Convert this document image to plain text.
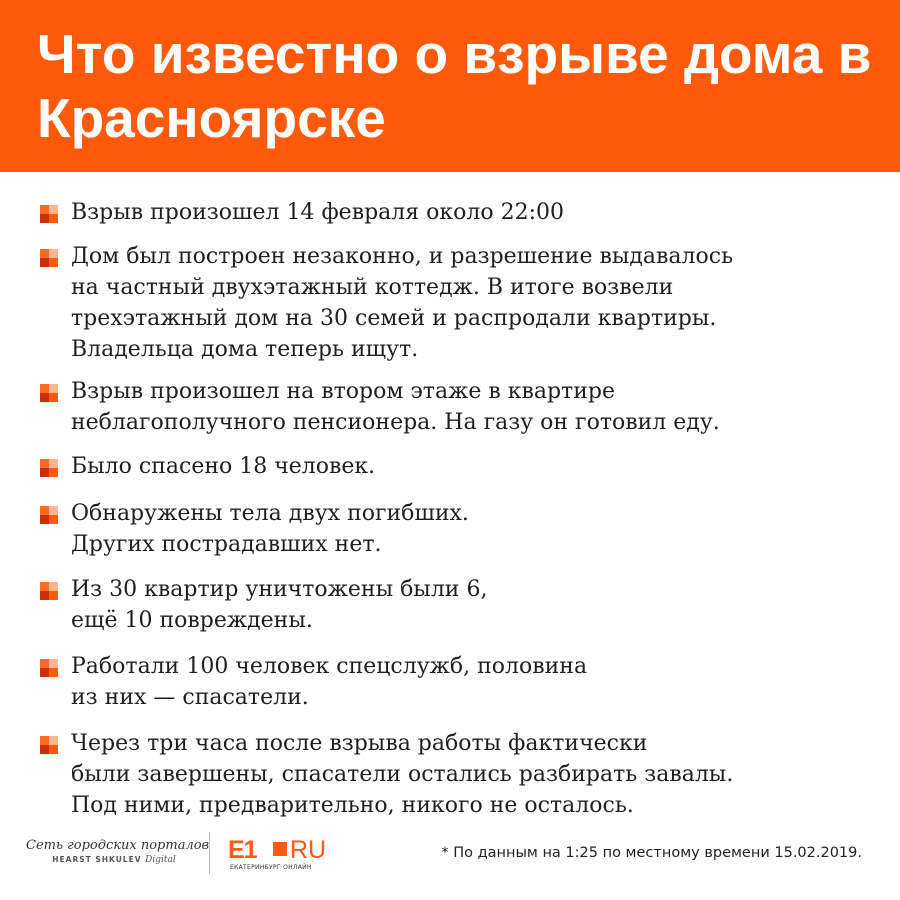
Что известно о взрыве дома в Красноярске
Взрыв произошел 14 февраля около 22:00
Дом был построен незаконно, и разрешение выдавалось
на частный двухэтажный коттедж. В итоге возвели
трехэтажный дом на 30 семей и распродали квартиры.
Владельца дома теперь ищут.
Взрыв произошел на втором этаже в квартире
неблагополучного пенсионера. На газу он готовил еду.
Было спасено 18 человек.
Обнаружены тела двух погибших.
Других пострадавших нет.
Из 30 квартир уничтожены были 6,
ещё 10 повреждены.
Работали 100 человек спецслужб, половина
из них — спасатели.
Через три часа после взрыва работы фактически
были завершены, спасатели остались разбирать завалы.
Под ними, предварительно, никого не осталось.
Сеть городских порталов
HEARST SHKULEV Digital	E1 RU
ЕКАТЕРИНБУРГ ОНЛАЙН
* По данным на 1:25 по местному времени 15.02.2019.
